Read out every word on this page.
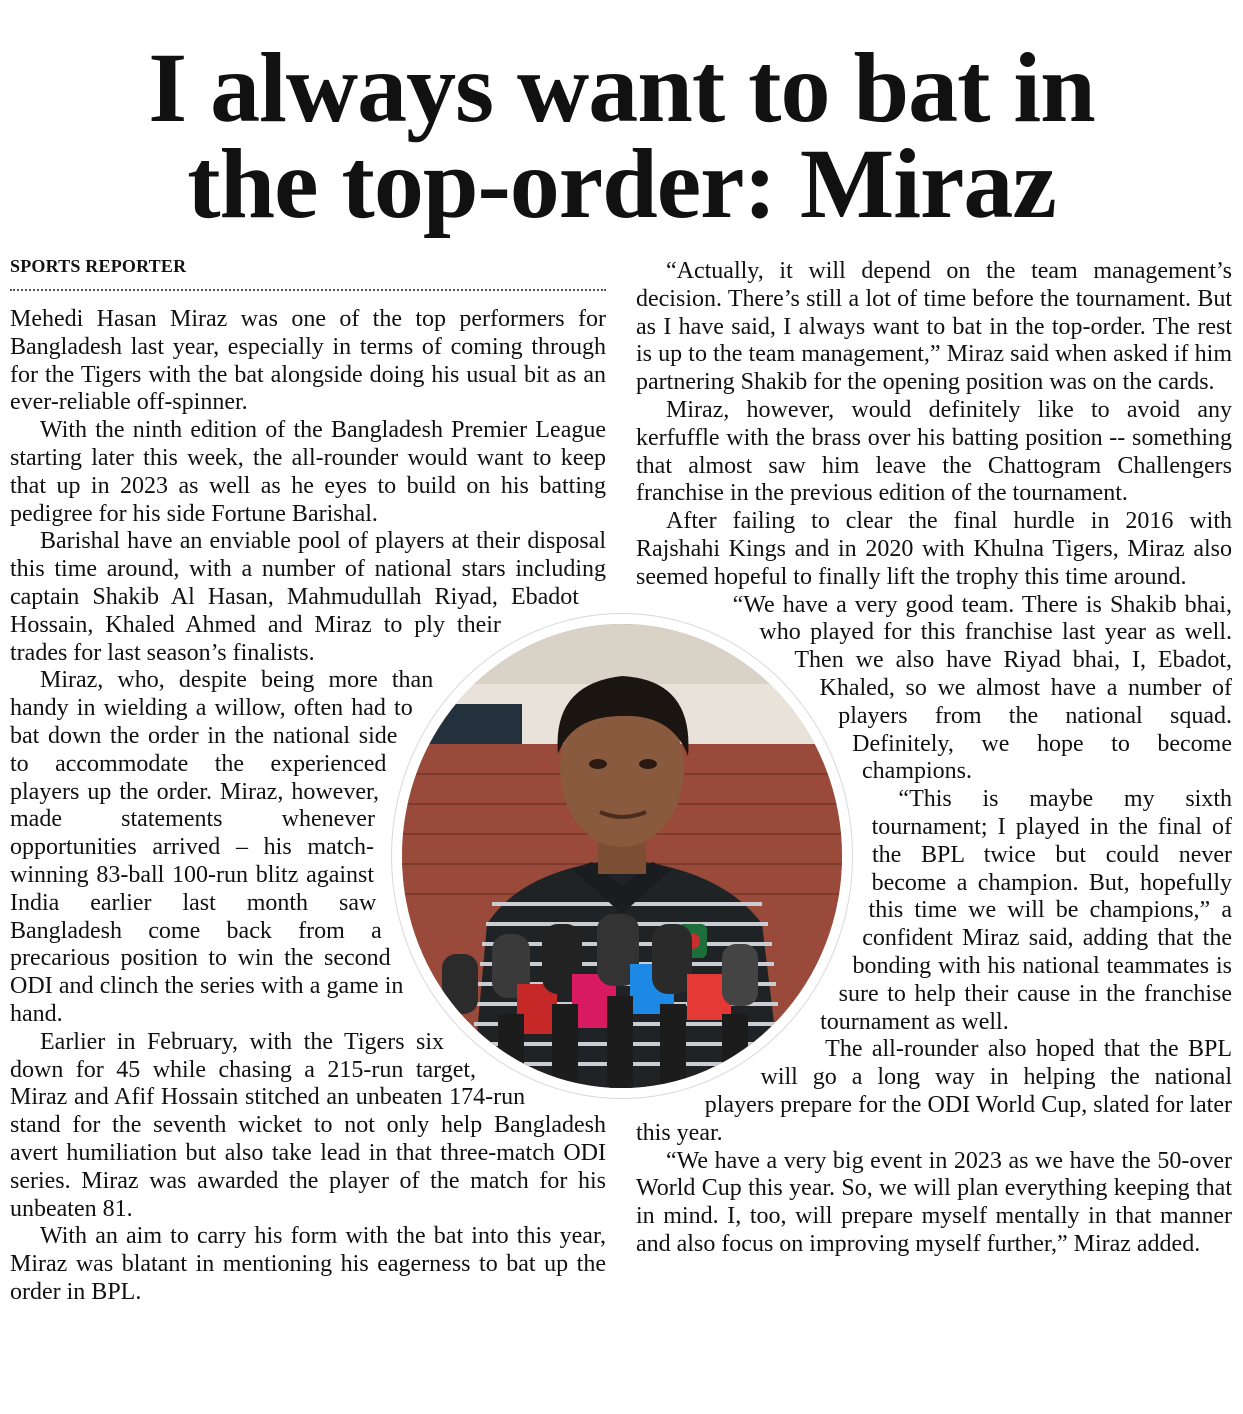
I always want to bat in
the top-order: Miraz
SPORTS REPORTER

Mehedi Hasan Miraz was one of the top performers for Bangladesh last year, especially in terms of coming through for the Tigers with the bat alongside doing his usual bit as an ever-reliable off-spinner.

With the ninth edition of the Bangladesh Premier League starting later this week, the all-rounder would want to keep that up in 2023 as well as he eyes to build on his batting pedigree for his side Fortune Barishal.

Barishal have an enviable pool of players at their disposal this time around, with a number of national stars including captain Shakib Al Hasan, Mahmudullah Riyad, Ebadot Hossain, Khaled Ahmed and Miraz to ply their trades for last season’s finalists.

Miraz, who, despite being more than handy in wielding a willow, often had to bat down the order in the national side to accommodate the experienced players up the order. Miraz, however, made statements whenever opportunities arrived – his match-winning 83-ball 100-run blitz against India earlier last month saw Bangladesh come back from a precarious position to win the second ODI and clinch the series with a game in hand.

Earlier in February, with the Tigers six down for 45 while chasing a 215-run target, Miraz and Afif Hossain stitched an unbeaten 174-run stand for the seventh wicket to not only help Bangladesh avert humiliation but also take lead in that three-match ODI series. Miraz was awarded the player of the match for his unbeaten 81.

With an aim to carry his form with the bat into this year, Miraz was blatant in mentioning his eagerness to bat up the order in BPL.

“Actually, it will depend on the team management’s decision. There’s still a lot of time before the tournament. But as I have said, I always want to bat in the top-order. The rest is up to the team management,” Miraz said when asked if him partnering Shakib for the opening position was on the cards.

Miraz, however, would definitely like to avoid any kerfuffle with the brass over his batting position -- something that almost saw him leave the Chattogram Challengers franchise in the previous edition of the tournament.

After failing to clear the final hurdle in 2016 with Rajshahi Kings and in 2020 with Khulna Tigers, Miraz also seemed hopeful to finally lift the trophy this time around.

“We have a very good team. There is Shakib bhai, who played for this franchise last year as well. Then we also have Riyad bhai, I, Ebadot, Khaled, so we almost have a number of players from the national squad. Definitely, we hope to become champions.

“This is maybe my sixth tournament; I played in the final of the BPL twice but could never become a champion. But, hopefully this time we will be champions,” a confident Miraz said, adding that the bonding with his national teammates is sure to help their cause in the franchise tournament as well.

The all-rounder also hoped that the BPL will go a long way in helping the national players prepare for the ODI World Cup, slated for later this year.

“We have a very big event in 2023 as we have the 50-over World Cup this year. So, we will plan everything keeping that in mind. I, too, will prepare myself mentally in that manner and also focus on improving myself further,” Miraz added.
